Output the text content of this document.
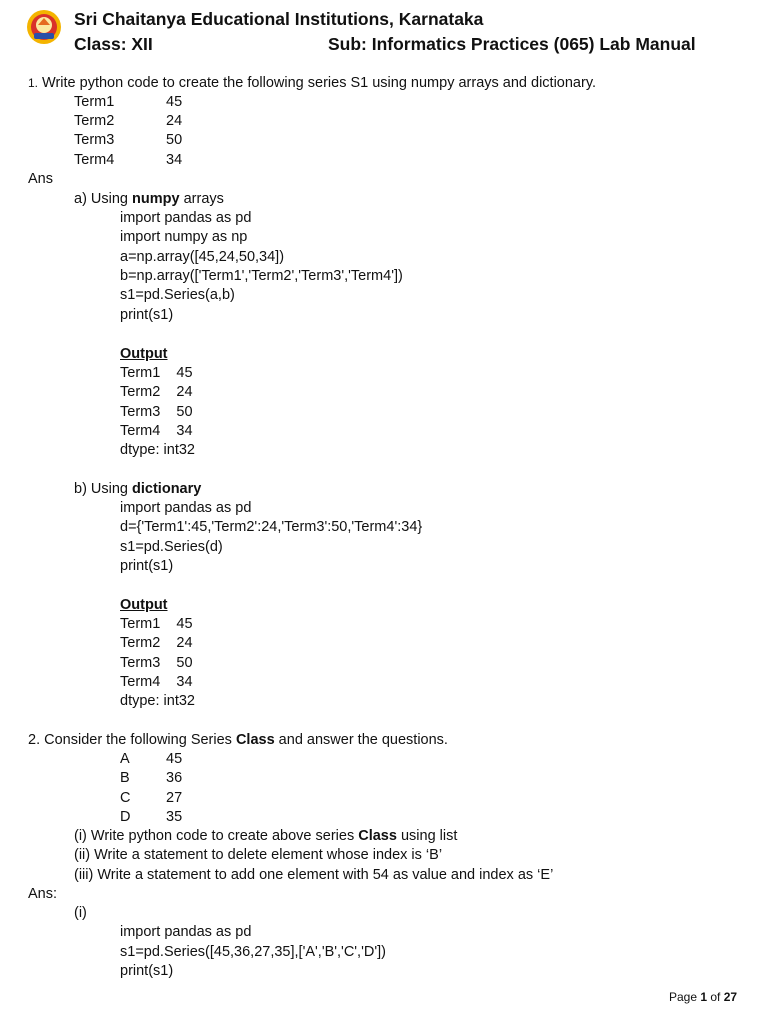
Sri Chaitanya Educational Institutions, Karnataka
Class: XII	Sub: Informatics Practices (065) Lab Manual
1. Write python code to create the following series S1 using numpy arrays and dictionary.
Term1	45
Term2	24
Term3	50
Term4	34
Ans
a) Using numpy arrays
import pandas as pd
import numpy as np
a=np.array([45,24,50,34])
b=np.array(['Term1','Term2','Term3','Term4'])
s1=pd.Series(a,b)
print(s1)
Output
Term1    45
Term2    24
Term3    50
Term4    34
dtype: int32
b) Using dictionary
import pandas as pd
d={'Term1':45,'Term2':24,'Term3':50,'Term4':34}
s1=pd.Series(d)
print(s1)
Output
Term1    45
Term2    24
Term3    50
Term4    34
dtype: int32
2. Consider the following Series Class and answer the questions.
A	45
B	36
C 27
D 35
(i) Write python code to create above series Class using list
(ii) Write a statement to delete element whose index is ‘B’
(iii) Write a statement to add one element with 54 as value and index as ‘E’
Ans:
(i)
import pandas as pd
s1=pd.Series([45,36,27,35],['A','B','C','D'])
print(s1)
Page 1 of 27
